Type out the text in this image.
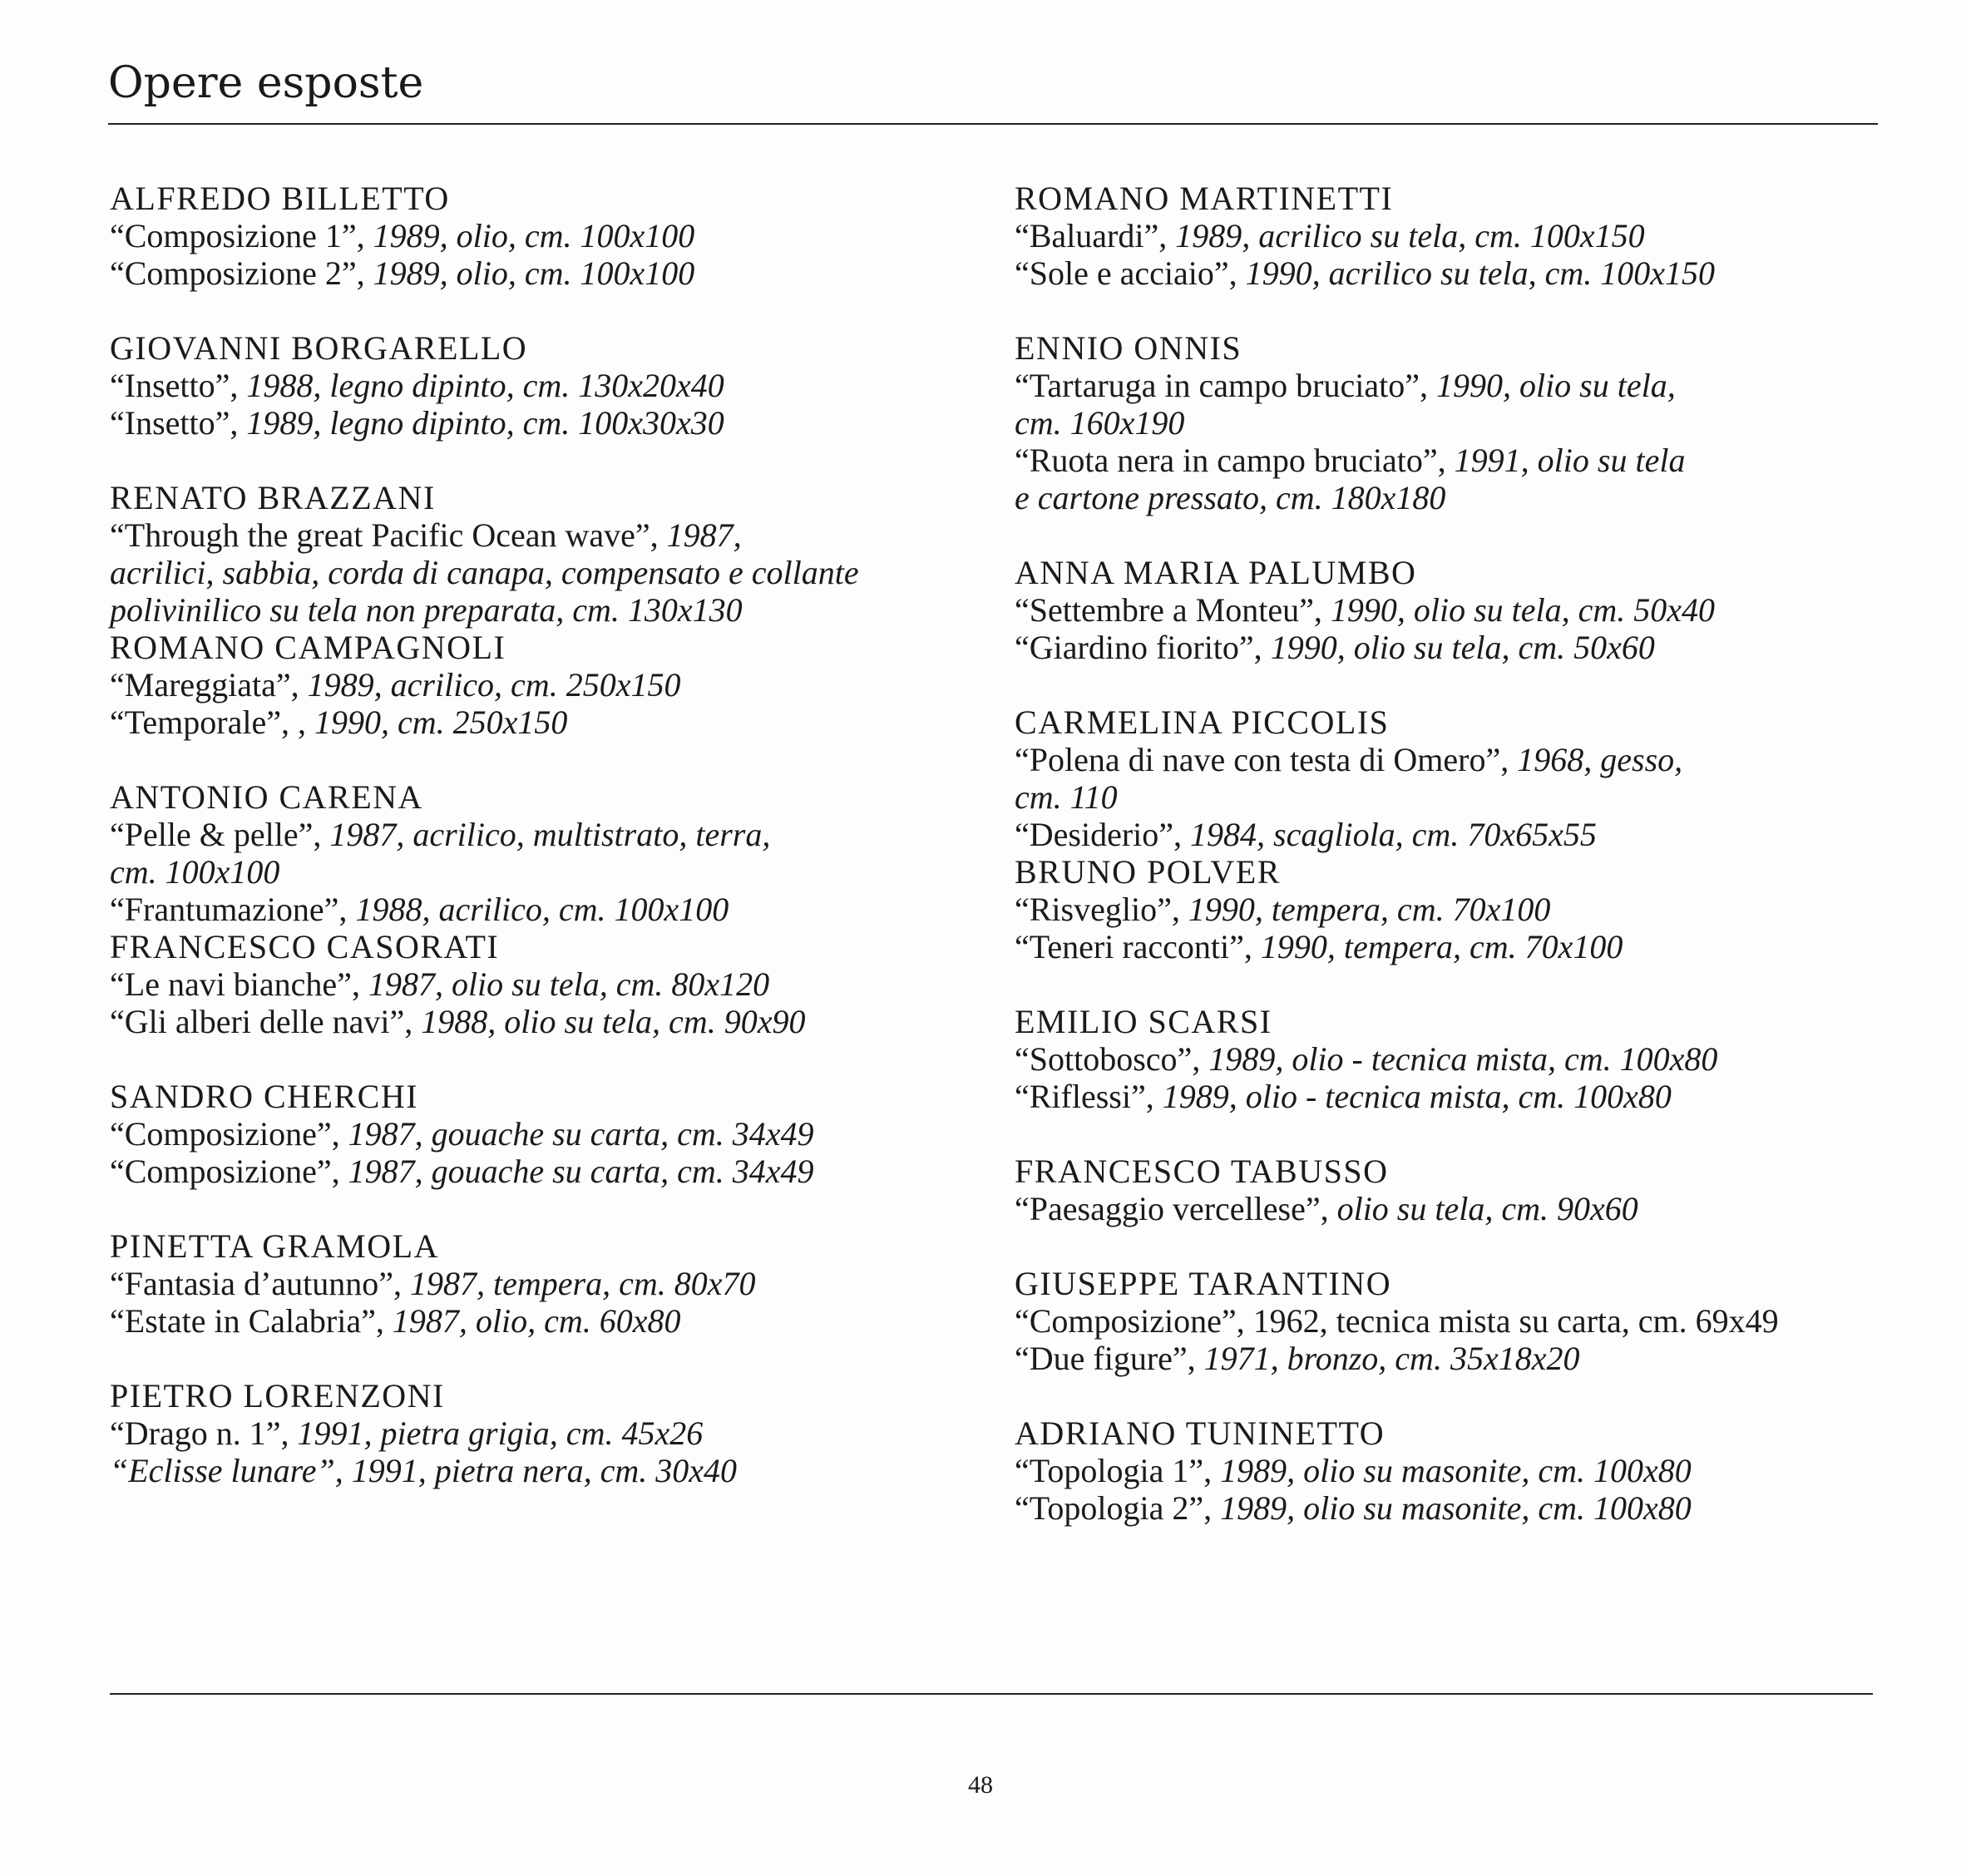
Opere esposte
ALFREDO BILLETTO
“Composizione 1”, 1989, olio, cm. 100x100
“Composizione 2”, 1989, olio, cm. 100x100
GIOVANNI BORGARELLO
“Insetto”, 1988, legno dipinto, cm. 130x20x40
“Insetto”, 1989, legno dipinto, cm. 100x30x30
RENATO BRAZZANI
“Through the great Pacific Ocean wave”, 1987,
acrilici, sabbia, corda di canapa, compensato e collante
polivinilico su tela non preparata, cm. 130x130
ROMANO CAMPAGNOLI
“Mareggiata”, 1989, acrilico, cm. 250x150
“Temporale”, , 1990, cm. 250x150
ANTONIO CARENA
“Pelle & pelle”, 1987, acrilico, multistrato, terra,
cm. 100x100
“Frantumazione”, 1988, acrilico, cm. 100x100
FRANCESCO CASORATI
“Le navi bianche”, 1987, olio su tela, cm. 80x120
“Gli alberi delle navi”, 1988, olio su tela, cm. 90x90
SANDRO CHERCHI
“Composizione”, 1987, gouache su carta, cm. 34x49
“Composizione”, 1987, gouache su carta, cm. 34x49
PINETTA GRAMOLA
“Fantasia d’autunno”, 1987, tempera, cm. 80x70
“Estate in Calabria”, 1987, olio, cm. 60x80
PIETRO LORENZONI
“Drago n. 1”, 1991, pietra grigia, cm. 45x26
“Eclisse lunare”, 1991, pietra nera, cm. 30x40
ROMANO MARTINETTI
“Baluardi”, 1989, acrilico su tela, cm. 100x150
“Sole e acciaio”, 1990, acrilico su tela, cm. 100x150
ENNIO ONNIS
“Tartaruga in campo bruciato”, 1990, olio su tela,
cm. 160x190
“Ruota nera in campo bruciato”, 1991, olio su tela
e cartone pressato, cm. 180x180
ANNA MARIA PALUMBO
“Settembre a Monteu”, 1990, olio su tela, cm. 50x40
“Giardino fiorito”, 1990, olio su tela, cm. 50x60
CARMELINA PICCOLIS
“Polena di nave con testa di Omero”, 1968, gesso,
cm. 110
“Desiderio”, 1984, scagliola, cm. 70x65x55
BRUNO POLVER
“Risveglio”, 1990, tempera, cm. 70x100
“Teneri racconti”, 1990, tempera, cm. 70x100
EMILIO SCARSI
“Sottobosco”, 1989, olio - tecnica mista, cm. 100x80
“Riflessi”, 1989, olio - tecnica mista, cm. 100x80
FRANCESCO TABUSSO
“Paesaggio vercellese”, olio su tela, cm. 90x60
GIUSEPPE TARANTINO
“Composizione”, 1962, tecnica mista su carta, cm. 69x49
“Due figure”, 1971, bronzo, cm. 35x18x20
ADRIANO TUNINETTO
“Topologia 1”, 1989, olio su masonite, cm. 100x80
“Topologia 2”, 1989, olio su masonite, cm. 100x80
48
